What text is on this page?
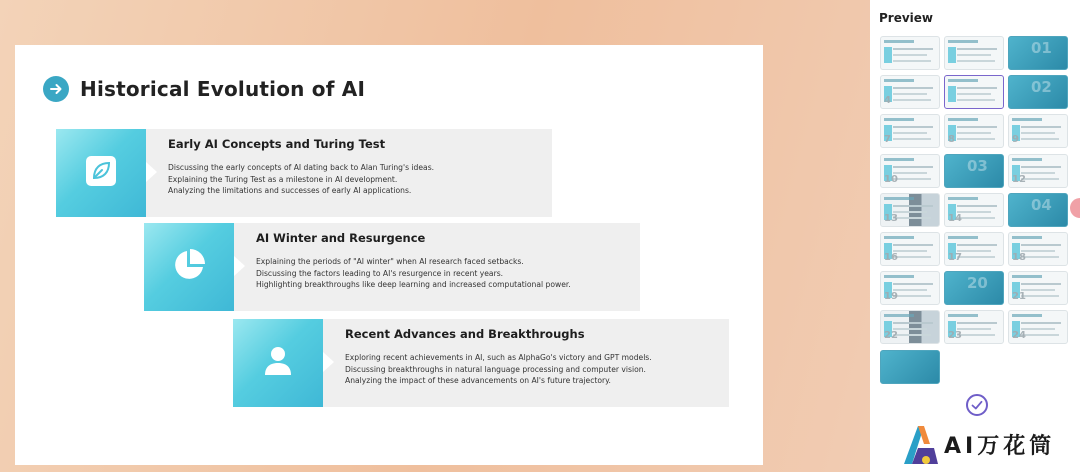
Historical Evolution of AI
Early AI Concepts and Turing Test
Discussing the early concepts of AI dating back to Alan Turing's ideas.
Explaining the Turing Test as a milestone in AI development.
Analyzing the limitations and successes of early AI applications.
AI Winter and Resurgence
Explaining the periods of "AI winter" when AI research faced setbacks.
Discussing the factors leading to AI's resurgence in recent years.
Highlighting breakthroughs like deep learning and increased computational power.
Recent Advances and Breakthroughs
Exploring recent achievements in AI, such as AlphaGo's victory and GPT models.
Discussing breakthroughs in natural language processing and computer vision.
Analyzing the impact of these advancements on AI's future trajectory.
Preview
01
4
02
7	8	9
10
03
12
13	14
04
16	17	18
19
20
21
22	23	24
AI万花筒
